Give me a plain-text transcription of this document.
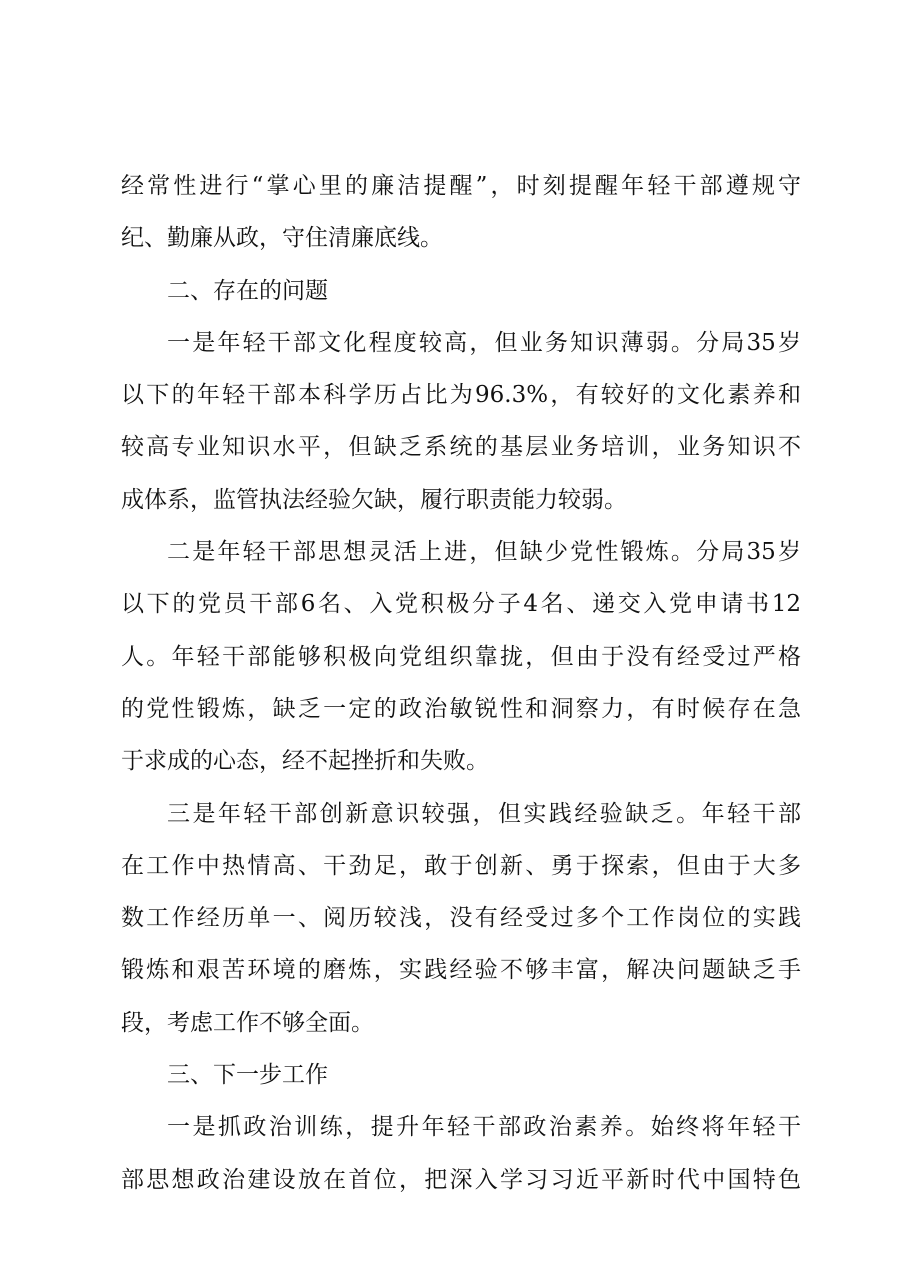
经常性进行“掌心里的廉洁提醒”，时刻提醒年轻干部遵规守
纪、勤廉从政，守住清廉底线。
二、存在的问题
一是年轻干部文化程度较高，但业务知识薄弱。分局35岁
以下的年轻干部本科学历占比为96.3%，有较好的文化素养和
较高专业知识水平，但缺乏系统的基层业务培训，业务知识不
成体系，监管执法经验欠缺，履行职责能力较弱。
二是年轻干部思想灵活上进，但缺少党性锻炼。分局35岁
以下的党员干部6名、入党积极分子4名、递交入党申请书12
人。年轻干部能够积极向党组织靠拢，但由于没有经受过严格
的党性锻炼，缺乏一定的政治敏锐性和洞察力，有时候存在急
于求成的心态，经不起挫折和失败。
三是年轻干部创新意识较强，但实践经验缺乏。年轻干部
在工作中热情高、干劲足，敢于创新、勇于探索，但由于大多
数工作经历单一、阅历较浅，没有经受过多个工作岗位的实践
锻炼和艰苦环境的磨炼，实践经验不够丰富，解决问题缺乏手
段，考虑工作不够全面。
三、下一步工作
一是抓政治训练，提升年轻干部政治素养。始终将年轻干
部思想政治建设放在首位，把深入学习习近平新时代中国特色
